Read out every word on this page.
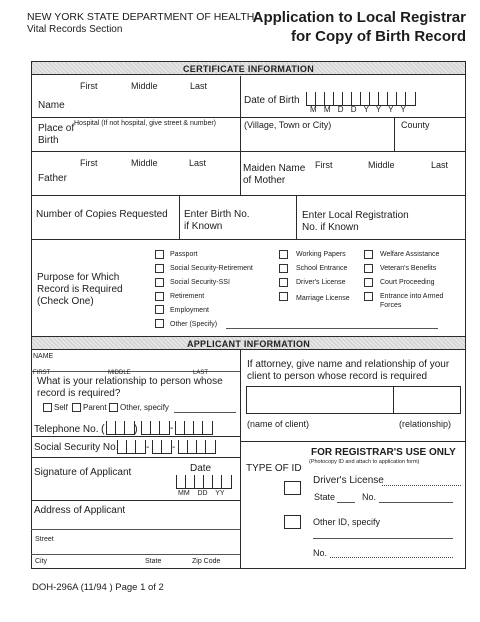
NEW YORK STATE DEPARTMENT OF HEALTH
Vital Records Section
Application to Local Registrar
for Copy of Birth Record
CERTIFICATE INFORMATION
First	Middle	Last
Name	Date of Birth
M M D D Y Y Y Y
Hospital (If not hospital, give street & number)
Place of
Birth
(Village, Town or City)	County
First	Middle	Last
Father
Maiden Name
of Mother
First	Middle	Last
Number of Copies Requested Enter Birth No.
if Known
Enter Local Registration
No. if Known
Purpose for Which
Record is Required
(Check One)
Passport
Social Security-Retirement
Social Security-SSI
Retirement
Employment
Other (Specify)
Working Papers
School Entrance
Driver's License
Marriage License
Welfare Assistance
Veteran's Benefits
Court Proceeding
Entrance into Armed
Forces
APPLICANT INFORMATION
NAME
FIRST	MIDDLE	LAST
What is your relationship to person whose
record is required?
Self Parent Other, specify
Telephone No. (	)	-
Social Security No.	- -
Signature of Applicant	Date
MM    DD    YY
Address of Applicant
Street
City	State	Zip Code
If attorney, give name and relationship of your
client to person whose record is required
(name of client)	(relationship)
FOR REGISTRAR'S USE ONLY
TYPE OF ID
(Photocopy ID and attach to application form)
Driver's License
State	No.
Other ID, specify
No.
DOH-296A (11/94 ) Page 1 of 2
